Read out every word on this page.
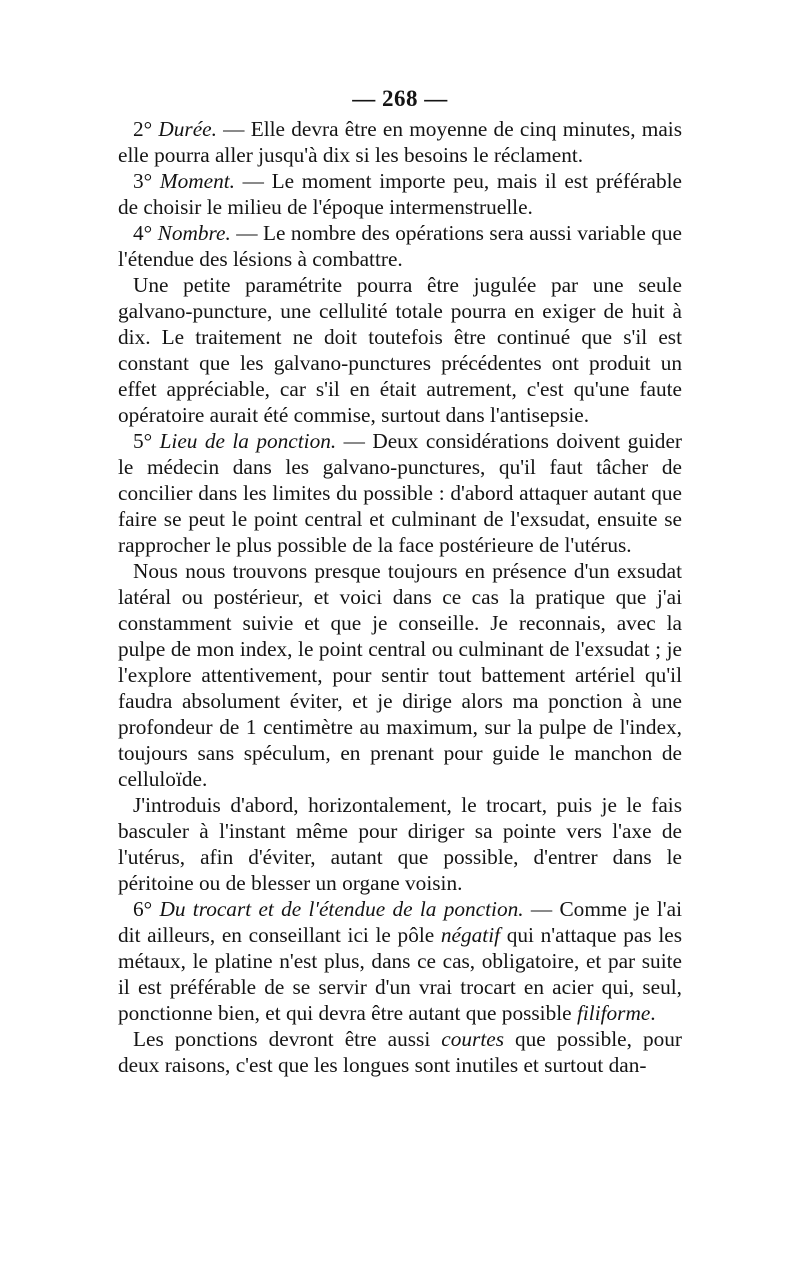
— 268 —

2° Durée. — Elle devra être en moyenne de cinq minutes, mais elle pourra aller jusqu'à dix si les besoins le réclament.

3° Moment. — Le moment importe peu, mais il est préférable de choisir le milieu de l'époque intermenstruelle.

4° Nombre. — Le nombre des opérations sera aussi variable que l'étendue des lésions à combattre.

Une petite paramétrite pourra être jugulée par une seule galvano-puncture, une cellulité totale pourra en exiger de huit à dix. Le traitement ne doit toutefois être continué que s'il est constant que les galvano-punctures précédentes ont produit un effet appréciable, car s'il en était autrement, c'est qu'une faute opératoire aurait été commise, surtout dans l'antisepsie.

5° Lieu de la ponction. — Deux considérations doivent guider le médecin dans les galvano-punctures, qu'il faut tâcher de concilier dans les limites du possible : d'abord attaquer autant que faire se peut le point central et culminant de l'exsudat, ensuite se rapprocher le plus possible de la face postérieure de l'utérus.

Nous nous trouvons presque toujours en présence d'un exsudat latéral ou postérieur, et voici dans ce cas la pratique que j'ai constamment suivie et que je conseille. Je reconnais, avec la pulpe de mon index, le point central ou culminant de l'exsudat ; je l'explore attentivement, pour sentir tout battement artériel qu'il faudra absolument éviter, et je dirige alors ma ponction à une profondeur de 1 centimètre au maximum, sur la pulpe de l'index, toujours sans spéculum, en prenant pour guide le manchon de celluloïde.

J'introduis d'abord, horizontalement, le trocart, puis je le fais basculer à l'instant même pour diriger sa pointe vers l'axe de l'utérus, afin d'éviter, autant que possible, d'entrer dans le péritoine ou de blesser un organe voisin.

6° Du trocart et de l'étendue de la ponction. — Comme je l'ai dit ailleurs, en conseillant ici le pôle négatif qui n'attaque pas les métaux, le platine n'est plus, dans ce cas, obligatoire, et par suite il est préférable de se servir d'un vrai trocart en acier qui, seul, ponctionne bien, et qui devra être autant que possible filiforme.

Les ponctions devront être aussi courtes que possible, pour deux raisons, c'est que les longues sont inutiles et surtout dan-
